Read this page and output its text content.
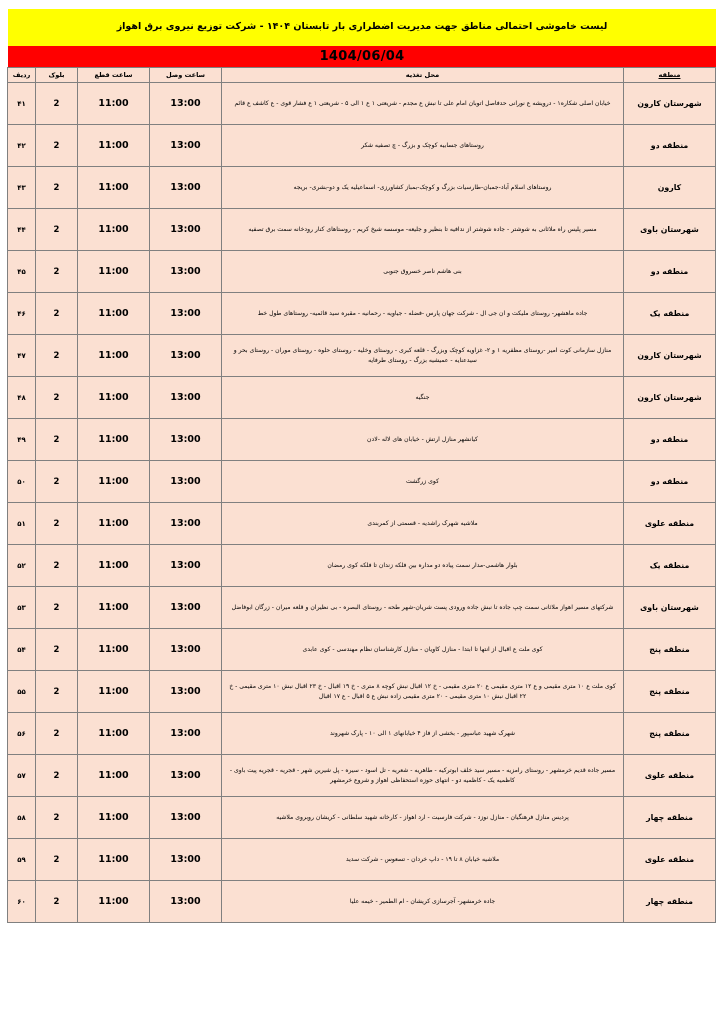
لیست خاموشی احتمالی مناطق جهت مدیریت اضطراری بار تابستان ۱۴۰۴ - شرکت توزیع نیروی برق اهواز
1404/06/04
منطقه	محل تغذیه	ساعت وصل	ساعت قطع	بلوک	ردیف
شهرستان کارون	خیابان اصلی شکاره۱ - درویشه ع نورانی حدفاصل اتوبان امام علی تا نبش ع مجدم - شریعتی ۱ ع ۱ الی ۵ - شریعتی ۱ ع فشار قوی - ع کاشف ع قائم	13:00	11:00	2	۴۱
منطقه دو	روستاهای جسابیه کوچک و بزرگ - چ تصفیه شکر	13:00	11:00	2	۴۲
کارون	روستاهای اسلام آباد-جمبان-طارسیات بزرگ و کوچک-بمباز کشاورزی- اسماعیلیه یک و دو-بشری- بریجه	13:00	11:00	2	۴۳
شهرستان باوی	مسیر پلیس راه ملاثانی به شوشتر - جاده شوشتر از ندافیه تا بنظیر و جلیعه- موسسه شیخ کریم - روستاهای کنار رودخانه سمت برق تصفیه	13:00	11:00	2	۴۴
منطقه دو	بنی هاشم ناصر خسروق جنوبی	13:00	11:00	2	۴۵
منطقه یک	جاده ماهشهر- روستای ملیکت و ان جی ال - شرکت جهان پارس -فضله - جیاویه - رحمانیه - مقبره سید قائمیه- روستاهای طول خط	13:00	11:00	2	۴۶
شهرستان کارون	منازل سازمانی کوت امیر -روستای مظفریه ۱ و ۲- غزاویه کوچک وبزرگ - قلعه کبری - روستای وخلیه - روستای حلوه - روستای موران - روستای بحر و سیدعنایه - عمیشیه بزرگ - روستای طرفایه	13:00	11:00	2	۴۷
شهرستان کارون	جنگیه	13:00	11:00	2	۴۸
منطقه دو	کیانشهر منازل ارتش - خیابان های لاله -لادن	13:00	11:00	2	۴۹
منطقه دو	کوی زرگشت	13:00	11:00	2	۵۰
منطقه علوی	ملاشیه شهرک راشدیه - قسمتی از کمربندی	13:00	11:00	2	۵۱
منطقه یک	بلوار هاشمی-مدار سمت پیاده دو مداره بین فلکه زندان تا فلکه کوی رمضان	13:00	11:00	2	۵۲
شهرستان باوی	شرکتهای مسیر اهواز ملاثانی سمت چپ جاده تا نبش جاده ورودی پست شریان-شهر طحه - روستای البصره - بی نظیران و قلعه میران - زرگان ابوفاضل	13:00	11:00	2	۵۳
منطقه پنج	کوی ملت ع اقبال از انتها تا ابتدا - منازل کاویان - منازل کارشناسان نظام مهندسی - کوی عابدی	13:00	11:00	2	۵۴
منطقه پنج	کوی ملت ع ۱۰ متری مقیمی و ع ۱۲ متری مقیمی ع ۲۰ متری مقیمی - خ ۱۲ اقبال نبش کوچه ۸ متری - خ ۱۹ اقبال - خ ۲۳ اقبال نبش ۱۰ متری مقیمی - خ ۲۲ اقبال نبش ۱۰ متری مقیمی - ۲۰ متری مقیمی زاده نبش ع ۵ اقبال - ع ۱۷ اقبال	13:00	11:00	2	۵۵
منطقه پنج	شهرک شهید عباسپور - بخشی از فاز ۴ خیابانهای ۱ الی ۱۰ - پارک شهروند	13:00	11:00	2	۵۶
منطقه علوی	مسیر جاده قدیم خرمشهر - روستای رامزیه - مسیر سید خلف ابوترکیه - طاهریه - شعریه - تل اسود - سیره - پل شیرین شهر - قجریه - قجریه پیت باوی - کاظمیه یک - کاظمیه دو - انتهای حوزه استحفاظی اهواز و شروع خرمشهر	13:00	11:00	2	۵۷
منطقه چهار	پردیس منازل فرهنگیان - منازل نوزد - شرکت فارسیت - ارد اهواز - کارخانه شهید سلطانی - کریشان روبروی ملاشیه	13:00	11:00	2	۵۸
منطقه علوی	ملاشیه خیابان ۸ تا ۱۹ - داپ خردان - تسعوس - شرکت سدید	13:00	11:00	2	۵۹
منطقه چهار	جاده خرمشهر- آجرسازی کریشان - ام الطمیر - خیمه علیا	13:00	11:00	2	۶۰
